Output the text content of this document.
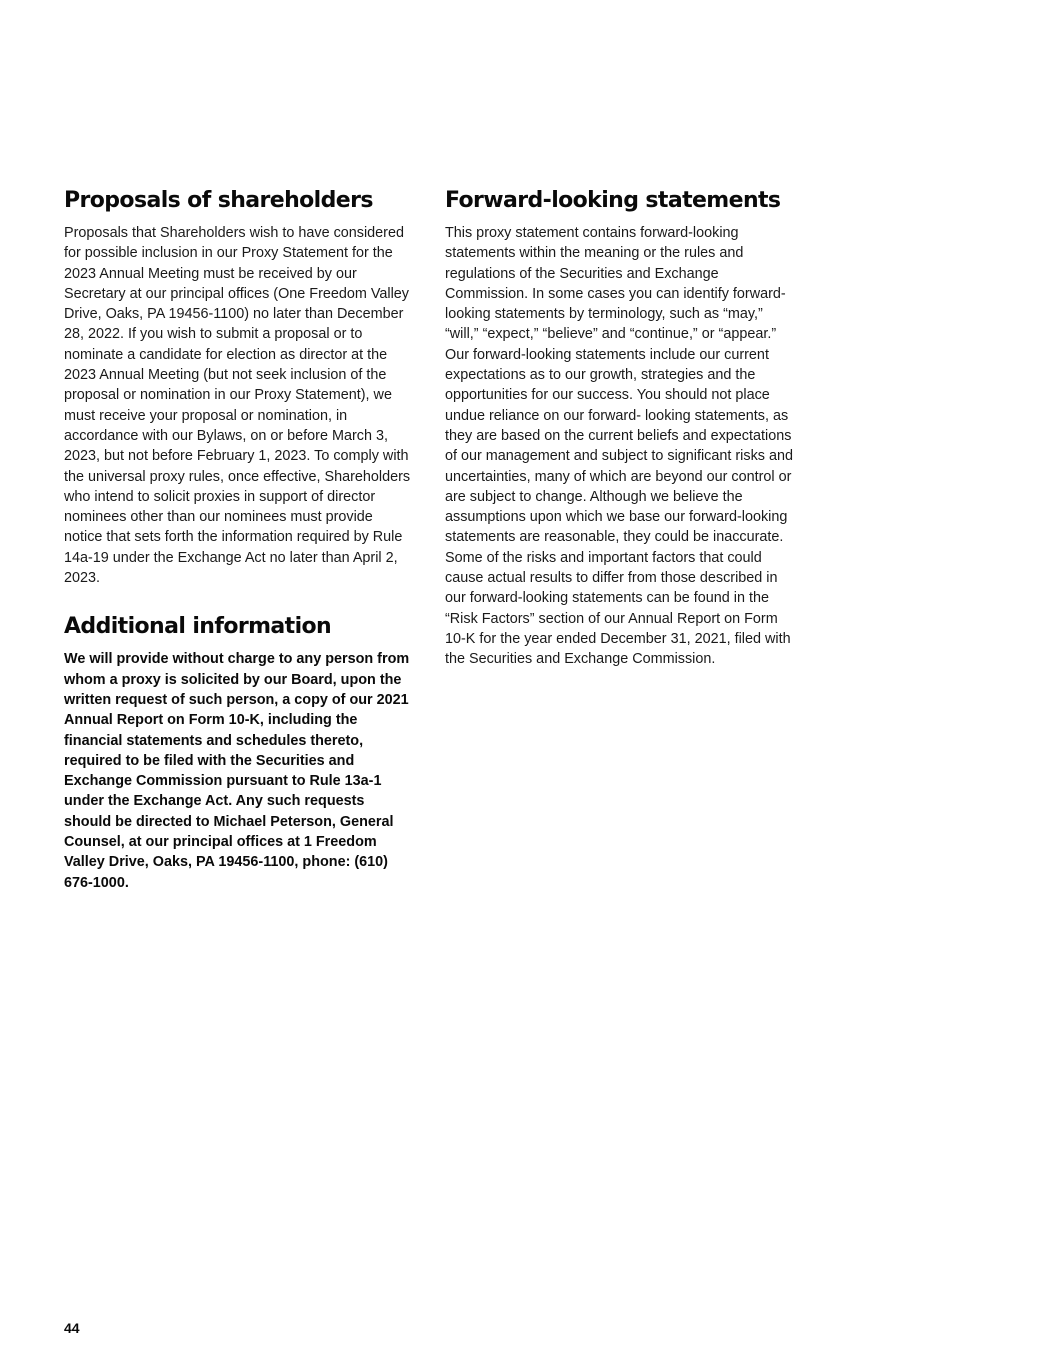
Proposals of shareholders

Proposals that Shareholders wish to have considered for possible inclusion in our Proxy Statement for the 2023 Annual Meeting must be received by our Secretary at our principal offices (One Freedom Valley Drive, Oaks, PA 19456-1100) no later than December 28, 2022. If you wish to submit a proposal or to nominate a candidate for election as director at the 2023 Annual Meeting (but not seek inclusion of the proposal or nomination in our Proxy Statement), we must receive your proposal or nomination, in accordance with our Bylaws, on or before March 3, 2023, but not before February 1, 2023. To comply with the universal proxy rules, once effective, Shareholders who intend to solicit proxies in support of director nominees other than our nominees must provide notice that sets forth the information required by Rule 14a-19 under the Exchange Act no later than April 2, 2023.

Additional information

We will provide without charge to any person from whom a proxy is solicited by our Board, upon the written request of such person, a copy of our 2021 Annual Report on Form 10-K, including the financial statements and schedules thereto, required to be filed with the Securities and Exchange Commission pursuant to Rule 13a-1 under the Exchange Act. Any such requests should be directed to Michael Peterson, General Counsel, at our principal offices at 1 Freedom Valley Drive, Oaks, PA 19456-1100, phone: (610) 676-1000.

Forward-looking statements

This proxy statement contains forward-looking statements within the meaning or the rules and regulations of the Securities and Exchange Commission. In some cases you can identify forward- looking statements by terminology, such as “may,” “will,” “expect,” “believe” and “continue,” or “appear.” Our forward-looking statements include our current expectations as to our growth, strategies and the opportunities for our success. You should not place undue reliance on our forward- looking statements, as they are based on the current beliefs and expectations of our management and subject to significant risks and uncertainties, many of which are beyond our control or are subject to change. Although we believe the assumptions upon which we base our forward-looking statements are reasonable, they could be inaccurate. Some of the risks and important factors that could cause actual results to differ from those described in our forward-looking statements can be found in the “Risk Factors” section of our Annual Report on Form 10-K for the year ended December 31, 2021, filed with the Securities and Exchange Commission.

44
